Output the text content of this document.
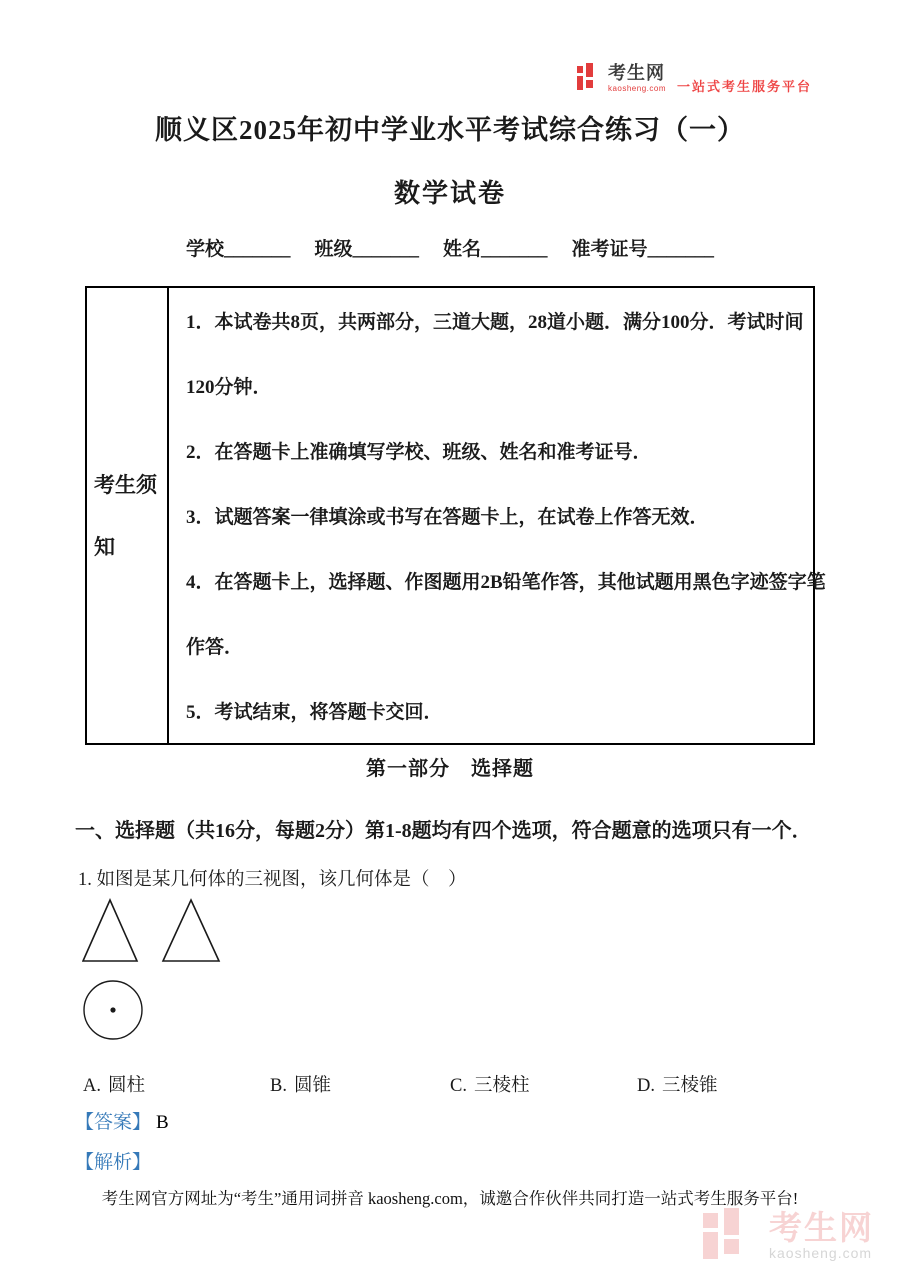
考生网
kaosheng.com 一站式考生服务平台
顺义区2025年初中学业水平考试综合练习（一）
数学试卷
学校_______ 班级_______ 姓名_______ 准考证号_______
考生须
知
1．本试卷共8页，共两部分，三道大题，28道小题．满分100分．考试时间
120分钟．
2．在答题卡上准确填写学校、班级、姓名和准考证号．
3．试题答案一律填涂或书写在答题卡上，在试卷上作答无效．
4．在答题卡上，选择题、作图题用2B铅笔作答，其他试题用黑色字迹签字笔
作答．
5．考试结束，将答题卡交回．
第一部分　选择题
一、选择题（共16分，每题2分）第1-8题均有四个选项，符合题意的选项只有一个．
1. 如图是某几何体的三视图，该几何体是（　）
A. 圆柱	B. 圆锥	C. 三棱柱	D. 三棱锥
【答案】 B
【解析】
考生网官方网址为“考生”通用词拼音 kaosheng.com，诚邀合作伙伴共同打造一站式考生服务平台!
考生网
kaosheng.com
